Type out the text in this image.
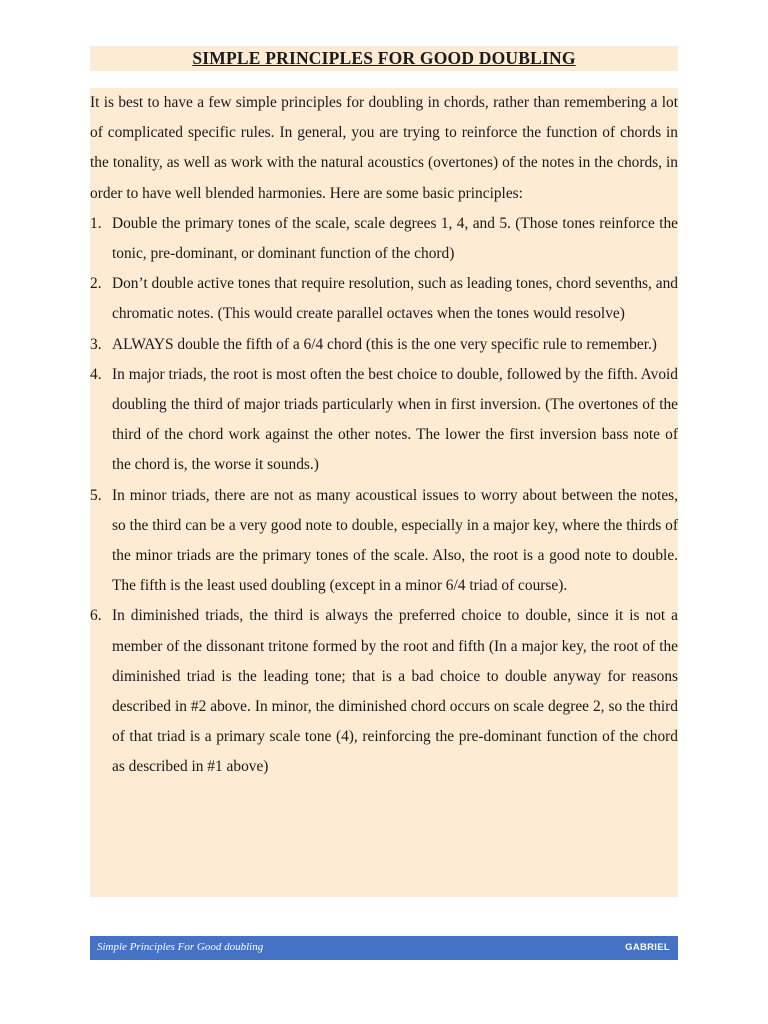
SIMPLE PRINCIPLES FOR GOOD DOUBLING

It is best to have a few simple principles for doubling in chords, rather than remembering a lot of complicated specific rules. In general, you are trying to reinforce the function of chords in the tonality, as well as work with the natural acoustics (overtones) of the notes in the chords, in order to have well blended harmonies. Here are some basic principles:

1. Double the primary tones of the scale, scale degrees 1, 4, and 5. (Those tones reinforce the tonic, pre-dominant, or dominant function of the chord)
2. Don’t double active tones that require resolution, such as leading tones, chord sevenths, and chromatic notes. (This would create parallel octaves when the tones would resolve)
3. ALWAYS double the fifth of a 6/4 chord (this is the one very specific rule to remember.)
4. In major triads, the root is most often the best choice to double, followed by the fifth. Avoid doubling the third of major triads particularly when in first inversion. (The overtones of the third of the chord work against the other notes. The lower the first inversion bass note of the chord is, the worse it sounds.)
5. In minor triads, there are not as many acoustical issues to worry about between the notes, so the third can be a very good note to double, especially in a major key, where the thirds of the minor triads are the primary tones of the scale. Also, the root is a good note to double. The fifth is the least used doubling (except in a minor 6/4 triad of course).
6. In diminished triads, the third is always the preferred choice to double, since it is not a member of the dissonant tritone formed by the root and fifth (In a major key, the root of the diminished triad is the leading tone; that is a bad choice to double anyway for reasons described in #2 above. In minor, the diminished chord occurs on scale degree 2, so the third of that triad is a primary scale tone (4), reinforcing the pre-dominant function of the chord as described in #1 above)
Simple Principles For Good doubling	GABRIEL
